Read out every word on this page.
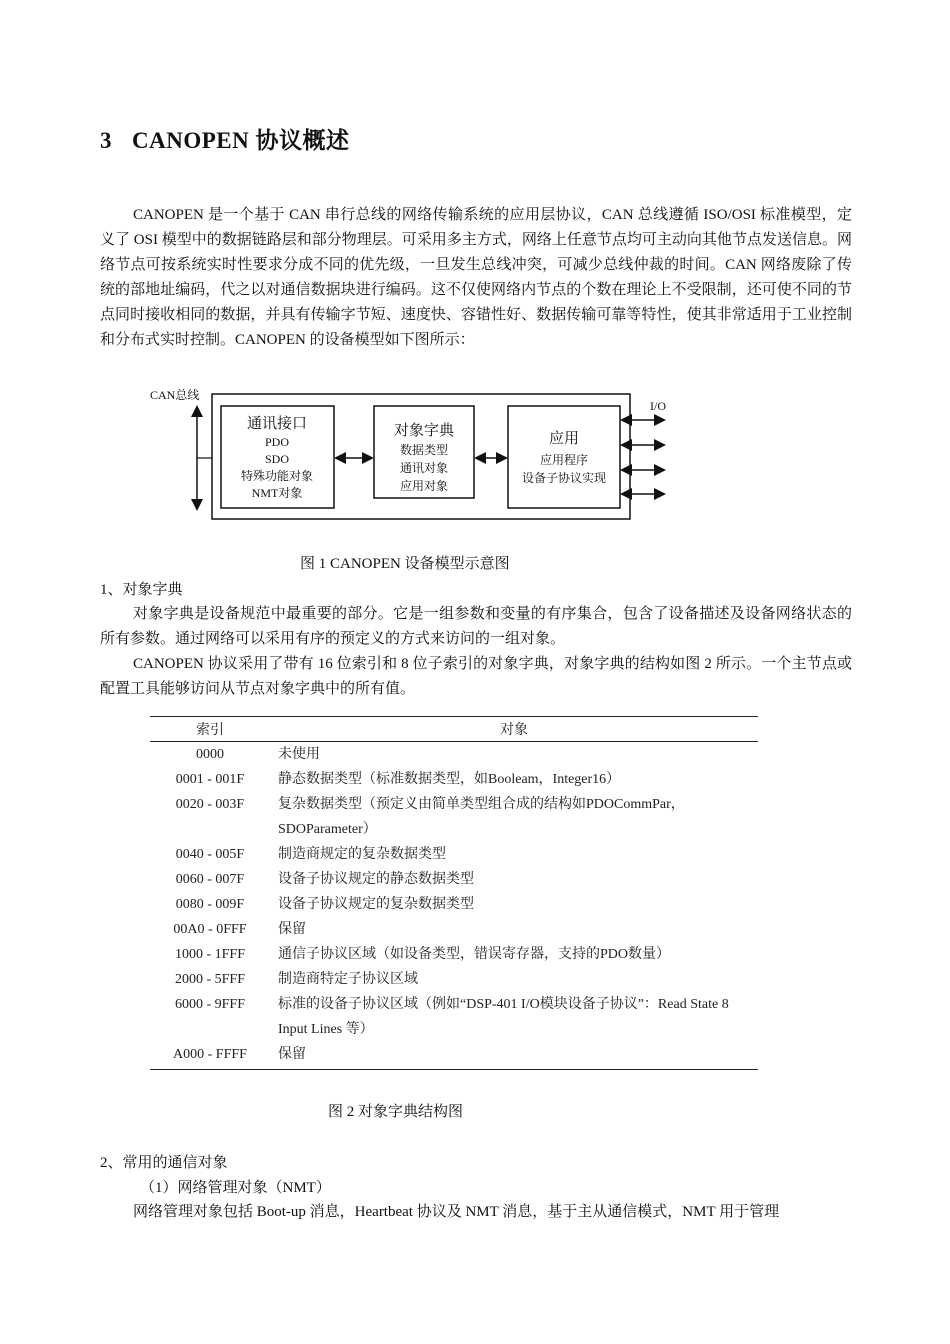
3 CANOPEN 协议概述
CANOPEN 是一个基于 CAN 串行总线的网络传输系统的应用层协议，CAN 总线遵循 ISO/OSI 标准模型，定义了 OSI 模型中的数据链路层和部分物理层。可采用多主方式，网络上任意节点均可主动向其他节点发送信息。网络节点可按系统实时性要求分成不同的优先级，一旦发生总线冲突，可减少总线仲裁的时间。CAN 网络废除了传统的部地址编码，代之以对通信数据块进行编码。这不仅使网络内节点的个数在理论上不受限制，还可使不同的节点同时接收相同的数据，并具有传输字节短、速度快、容错性好、数据传输可靠等特性，使其非常适用于工业控制和分布式实时控制。CANOPEN 的设备模型如下图所示：
CAN总线
通讯接口
PDO
SDO
特殊功能对象
NMT对象
对象字典
数据类型
通讯对象
应用对象
应用
应用程序
设备子协议实现
I/O
图 1 CANOPEN 设备模型示意图
1、对象字典
对象字典是设备规范中最重要的部分。它是一组参数和变量的有序集合，包含了设备描述及设备网络状态的所有参数。通过网络可以采用有序的预定义的方式来访问的一组对象。
CANOPEN 协议采用了带有 16 位索引和 8 位子索引的对象字典，对象字典的结构如图 2 所示。一个主节点或配置工具能够访问从节点对象字典中的所有值。
索引	对象
0000	未使用
0001 - 001F	静态数据类型（标准数据类型，如Booleam，Integer16）
0020 - 003F	复杂数据类型（预定义由简单类型组合成的结构如PDOCommPar，SDOParameter）
0040 - 005F	制造商规定的复杂数据类型
0060 - 007F	设备子协议规定的静态数据类型
0080 - 009F	设备子协议规定的复杂数据类型
00A0 - 0FFF	保留
1000 - 1FFF	通信子协议区域（如设备类型，错误寄存器，支持的PDO数量）
2000 - 5FFF	制造商特定子协议区域
6000 - 9FFF	标准的设备子协议区域（例如“DSP-401 I/O模块设备子协议”：Read State 8 Input Lines 等）
A000 - FFFF	保留
图 2 对象字典结构图
2、常用的通信对象
（1）网络管理对象（NMT）
网络管理对象包括 Boot-up 消息，Heartbeat 协议及 NMT 消息，基于主从通信模式，NMT 用于管理
